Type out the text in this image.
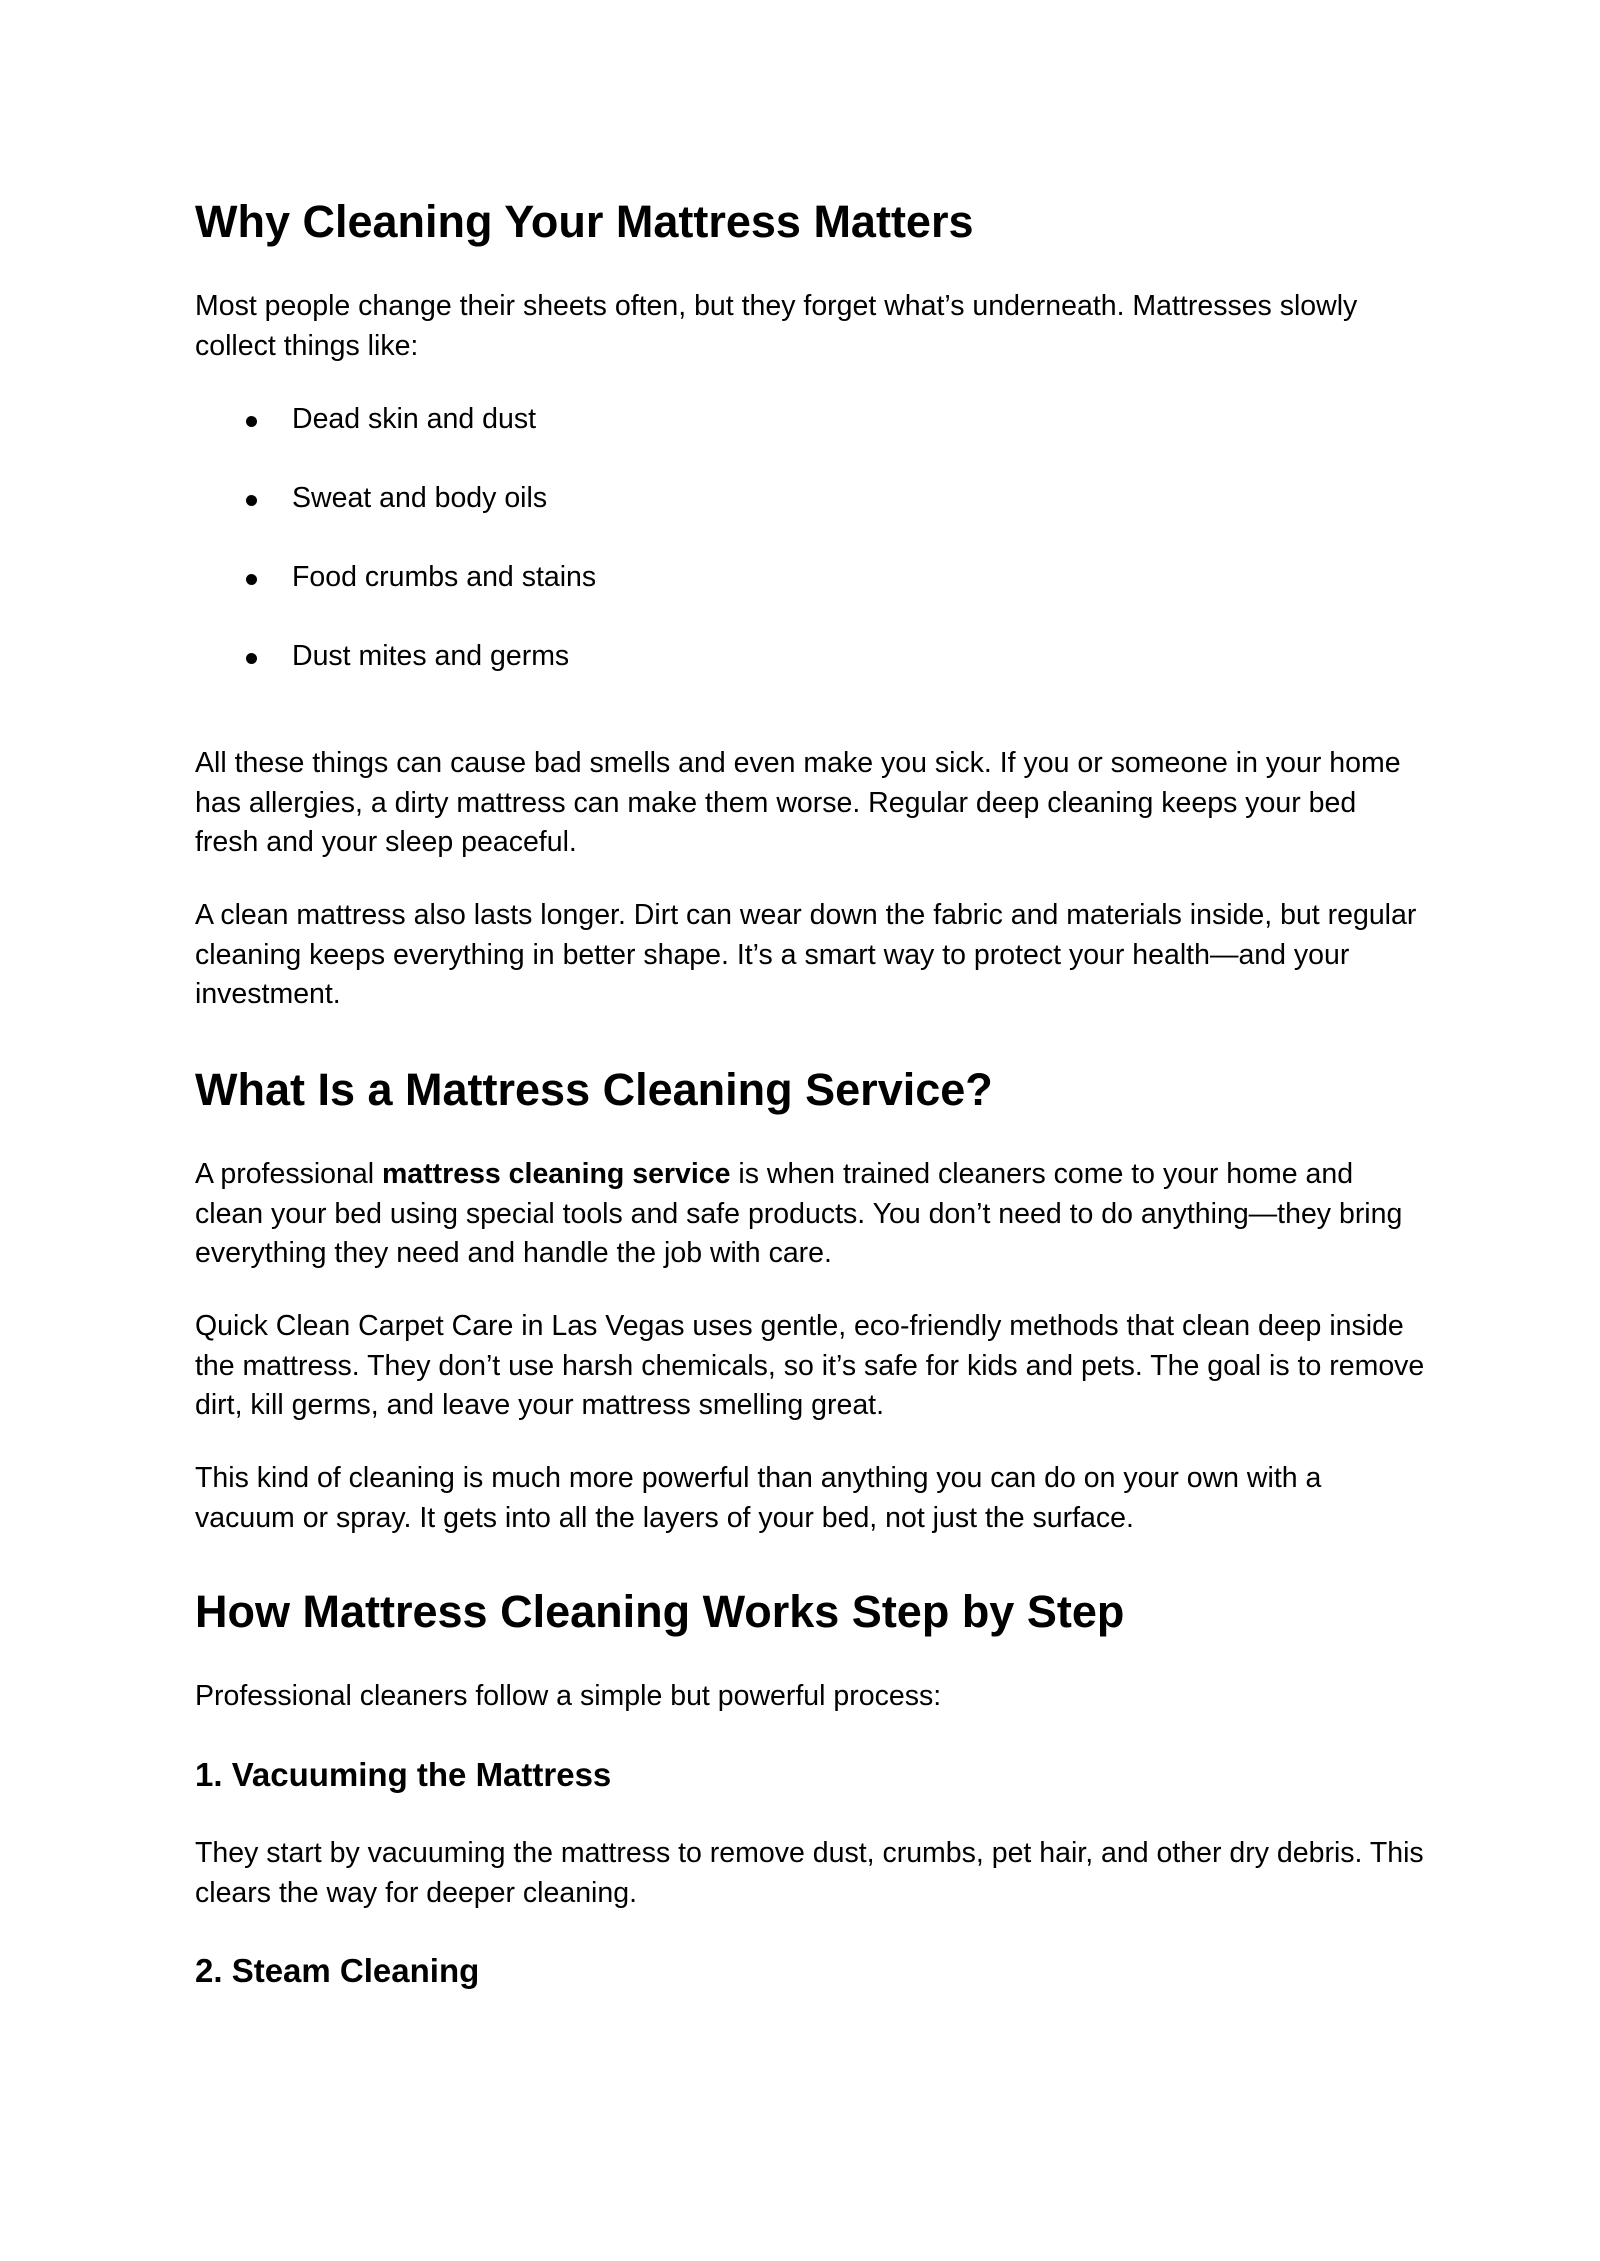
Why Cleaning Your Mattress Matters

Most people change their sheets often, but they forget what’s underneath. Mattresses slowly collect things like:

Dead skin and dust
Sweat and body oils
Food crumbs and stains
Dust mites and germs

All these things can cause bad smells and even make you sick. If you or someone in your home has allergies, a dirty mattress can make them worse. Regular deep cleaning keeps your bed fresh and your sleep peaceful.

A clean mattress also lasts longer. Dirt can wear down the fabric and materials inside, but regular cleaning keeps everything in better shape. It’s a smart way to protect your health—and your investment.

What Is a Mattress Cleaning Service?

A professional mattress cleaning service is when trained cleaners come to your home and clean your bed using special tools and safe products. You don’t need to do anything—they bring everything they need and handle the job with care.

Quick Clean Carpet Care in Las Vegas uses gentle, eco-friendly methods that clean deep inside the mattress. They don’t use harsh chemicals, so it’s safe for kids and pets. The goal is to remove dirt, kill germs, and leave your mattress smelling great.

This kind of cleaning is much more powerful than anything you can do on your own with a vacuum or spray. It gets into all the layers of your bed, not just the surface.

How Mattress Cleaning Works Step by Step

Professional cleaners follow a simple but powerful process:

1. Vacuuming the Mattress

They start by vacuuming the mattress to remove dust, crumbs, pet hair, and other dry debris. This clears the way for deeper cleaning.

2. Steam Cleaning
